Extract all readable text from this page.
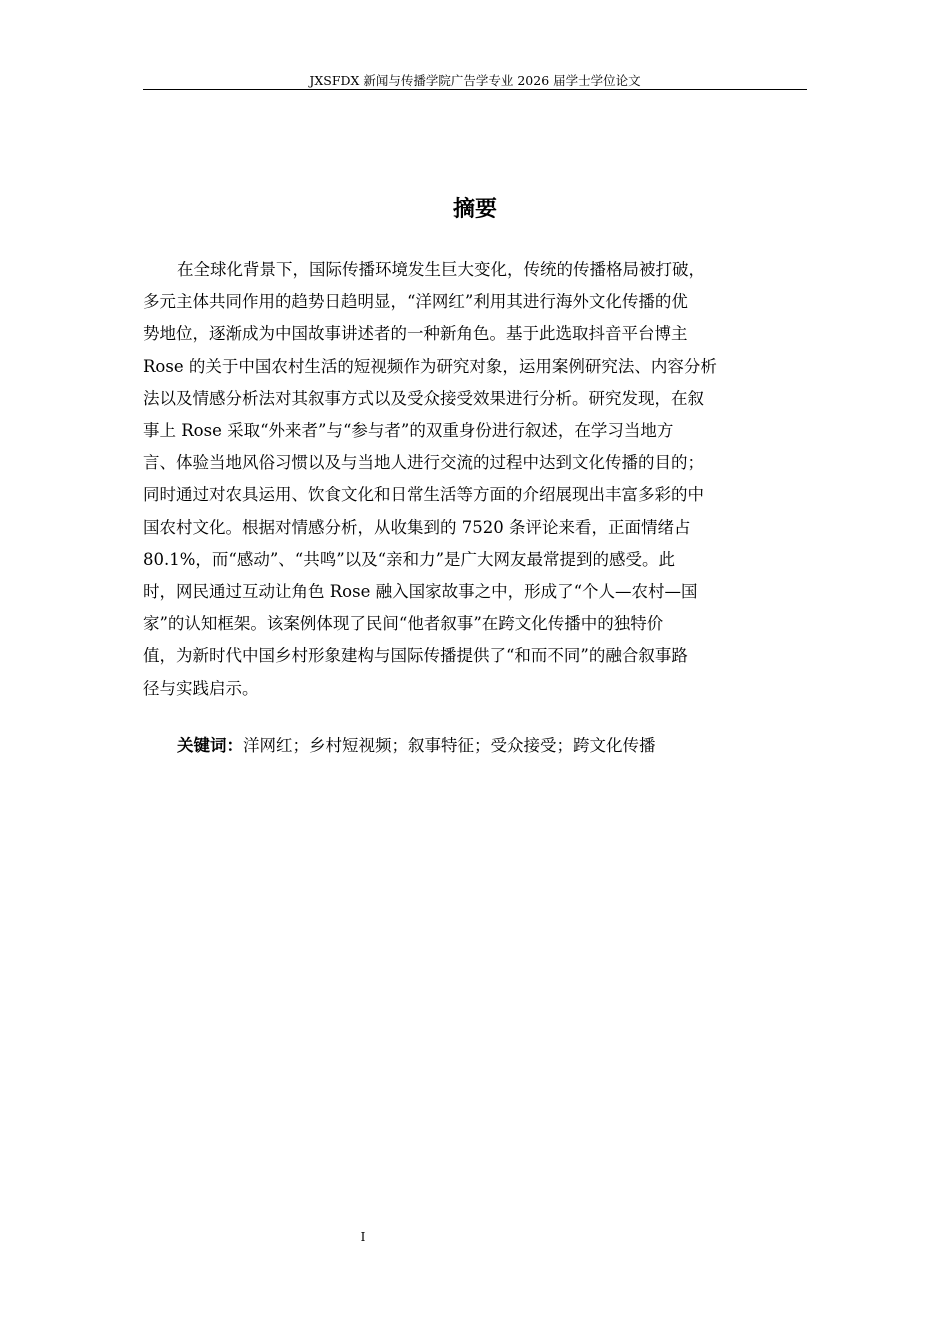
JXSFDX 新闻与传播学院广告学专业 2026 届学士学位论文
摘要
在全球化背景下，国际传播环境发生巨大变化，传统的传播格局被打破，
多元主体共同作用的趋势日趋明显，“洋网红”利用其进行海外文化传播的优
势地位，逐渐成为中国故事讲述者的一种新角色。基于此选取抖音平台博主
Rose 的关于中国农村生活的短视频作为研究对象，运用案例研究法、内容分析
法以及情感分析法对其叙事方式以及受众接受效果进行分析。研究发现，在叙
事上 Rose 采取“外来者”与“参与者”的双重身份进行叙述，在学习当地方
言、体验当地风俗习惯以及与当地人进行交流的过程中达到文化传播的目的；
同时通过对农具运用、饮食文化和日常生活等方面的介绍展现出丰富多彩的中
国农村文化。根据对情感分析，从收集到的 7520 条评论来看，正面情绪占
80.1%，而“感动”、“共鸣”以及“亲和力”是广大网友最常提到的感受。此
时，网民通过互动让角色 Rose 融入国家故事之中，形成了“个人—农村—国
家”的认知框架。该案例体现了民间“他者叙事”在跨文化传播中的独特价
值，为新时代中国乡村形象建构与国际传播提供了“和而不同”的融合叙事路
径与实践启示。
关键词：洋网红；乡村短视频；叙事特征；受众接受；跨文化传播
I
